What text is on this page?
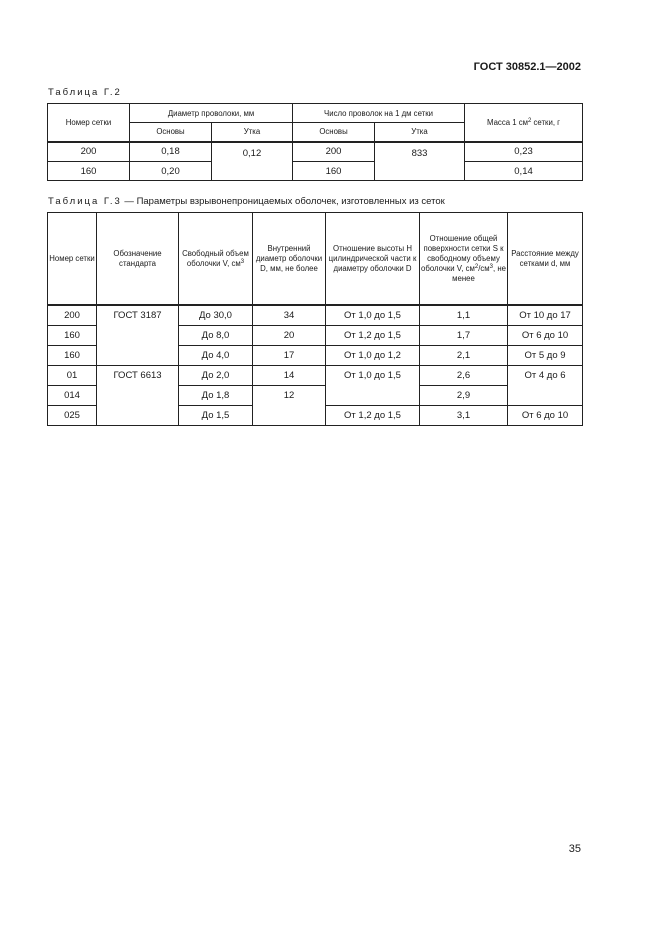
ГОСТ 30852.1—2002
Таблица Г.2
Номер сетки	Диаметр проволоки, мм		Число проволок на 1 дм сетки		Масса 1 $см^2$ сетки, г
	Основы	Утка	Основы	Утка	
200	0,18	0,12	200	833	0,23
160	0,20		160		0,14
Таблица Г.3 — Параметры взрывонепроницаемых оболочек, изготовленных из сеток
Номер сетки	Обозначение стандарта	Свободный объем оболочки V, $см^3$	Внутренний диаметр оболочки D, мм, не более	Отношение высоты H цилиндрической части к диаметру оболочки D	Отношение общей поверхности сетки S к свободному объему оболочки V, $см^2/см^3$, не менее	Расстояние между сетками d, мм
200	ГОСТ 3187	До 30,0	34	От 1,0 до 1,5	1,1	От 10 до 17
160		До 8,0	20	От 1,2 до 1,5	1,7	От 6 до 10
160		До 4,0	17	От 1,0 до 1,2	2,1	От 5 до 9
01	ГОСТ 6613	До 2,0	14	От 1,0 до 1,5	2,6	От 4 до 6
014		До 1,8	12		2,9	
025		До 1,5		От 1,2 до 1,5	3,1	От 6 до 10
35
